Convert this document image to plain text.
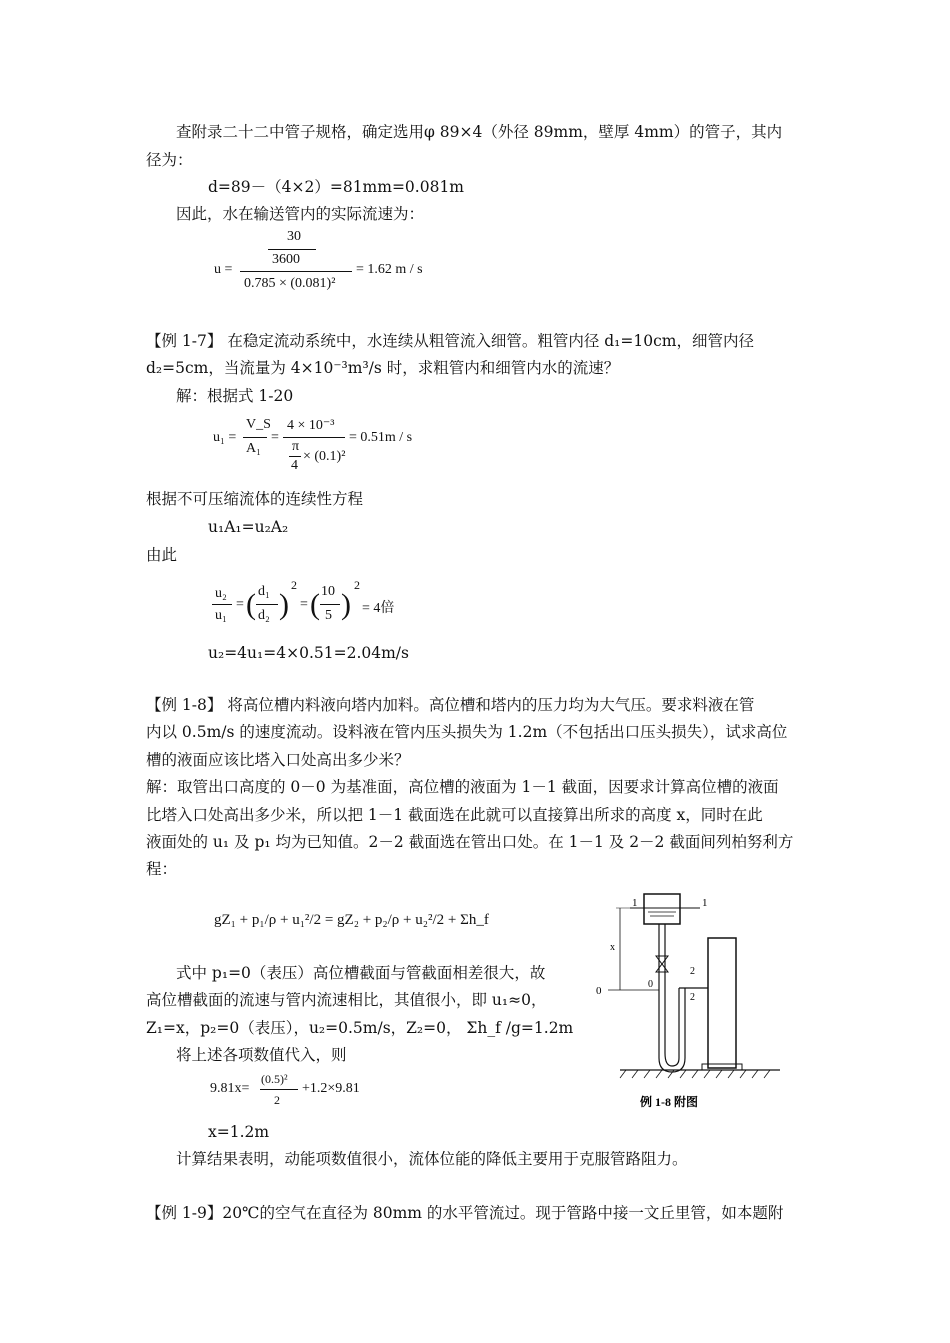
查附录二十二中管子规格，确定选用φ 89×4（外径 89mm，壁厚 4mm）的管子，其内
径为：
d=89－（4×2）=81mm=0.081m
因此，水在输送管内的实际流速为：
30
3600
u =
0.785 × (0.081)²
= 1.62 m / s
【例 1-7】 在稳定流动系统中，水连续从粗管流入细管。粗管内径 d₁=10cm，细管内径
d₂=5cm，当流量为 4×10⁻³m³/s 时，求粗管内和细管内水的流速？
解：根据式 1-20
u₁ =
V_S
A₁
=
4 × 10⁻³
π
4
× (0.1)²
= 0.51m / s
根据不可压缩流体的连续性方程
u₁A₁=u₂A₂
由此
u₂
u₁
= ( d₁
d₂ )
2
= ( 10
5 )
2
= 4倍
u₂=4u₁=4×0.51=2.04m/s
【例 1-8】 将高位槽内料液向塔内加料。高位槽和塔内的压力均为大气压。要求料液在管
内以 0.5m/s 的速度流动。设料液在管内压头损失为 1.2m（不包括出口压头损失），试求高位
槽的液面应该比塔入口处高出多少米？
解：取管出口高度的 0－0 为基准面，高位槽的液面为 1－1 截面，因要求计算高位槽的液面
比塔入口处高出多少米，所以把 1－1 截面选在此就可以直接算出所求的高度 x，同时在此
液面处的 u₁ 及 p₁ 均为已知值。2－2 截面选在管出口处。在 1－1 及 2－2 截面间列柏努利方
程：
gZ₁ + p₁/ρ + u₁²/2 = gZ₂ + p₂/ρ + u₂²/2 + Σh_f
式中 p₁=0（表压）高位槽截面与管截面相差很大，故
高位槽截面的流速与管内流速相比，其值很小，即 u₁≈0，
Z₁=x，p₂=0（表压），u₂=0.5m/s，Z₂=0， Σh_f /g=1.2m
将上述各项数值代入，则
9.81x=
(0.5)²
2
+1.2×9.81
x=1.2m
计算结果表明，动能项数值很小，流体位能的降低主要用于克服管路阻力。
1	1
2
2
x
0
0
例 1-8 附图
【例 1-9】20℃的空气在直径为 80mm 的水平管流过。现于管路中接一文丘里管，如本题附
